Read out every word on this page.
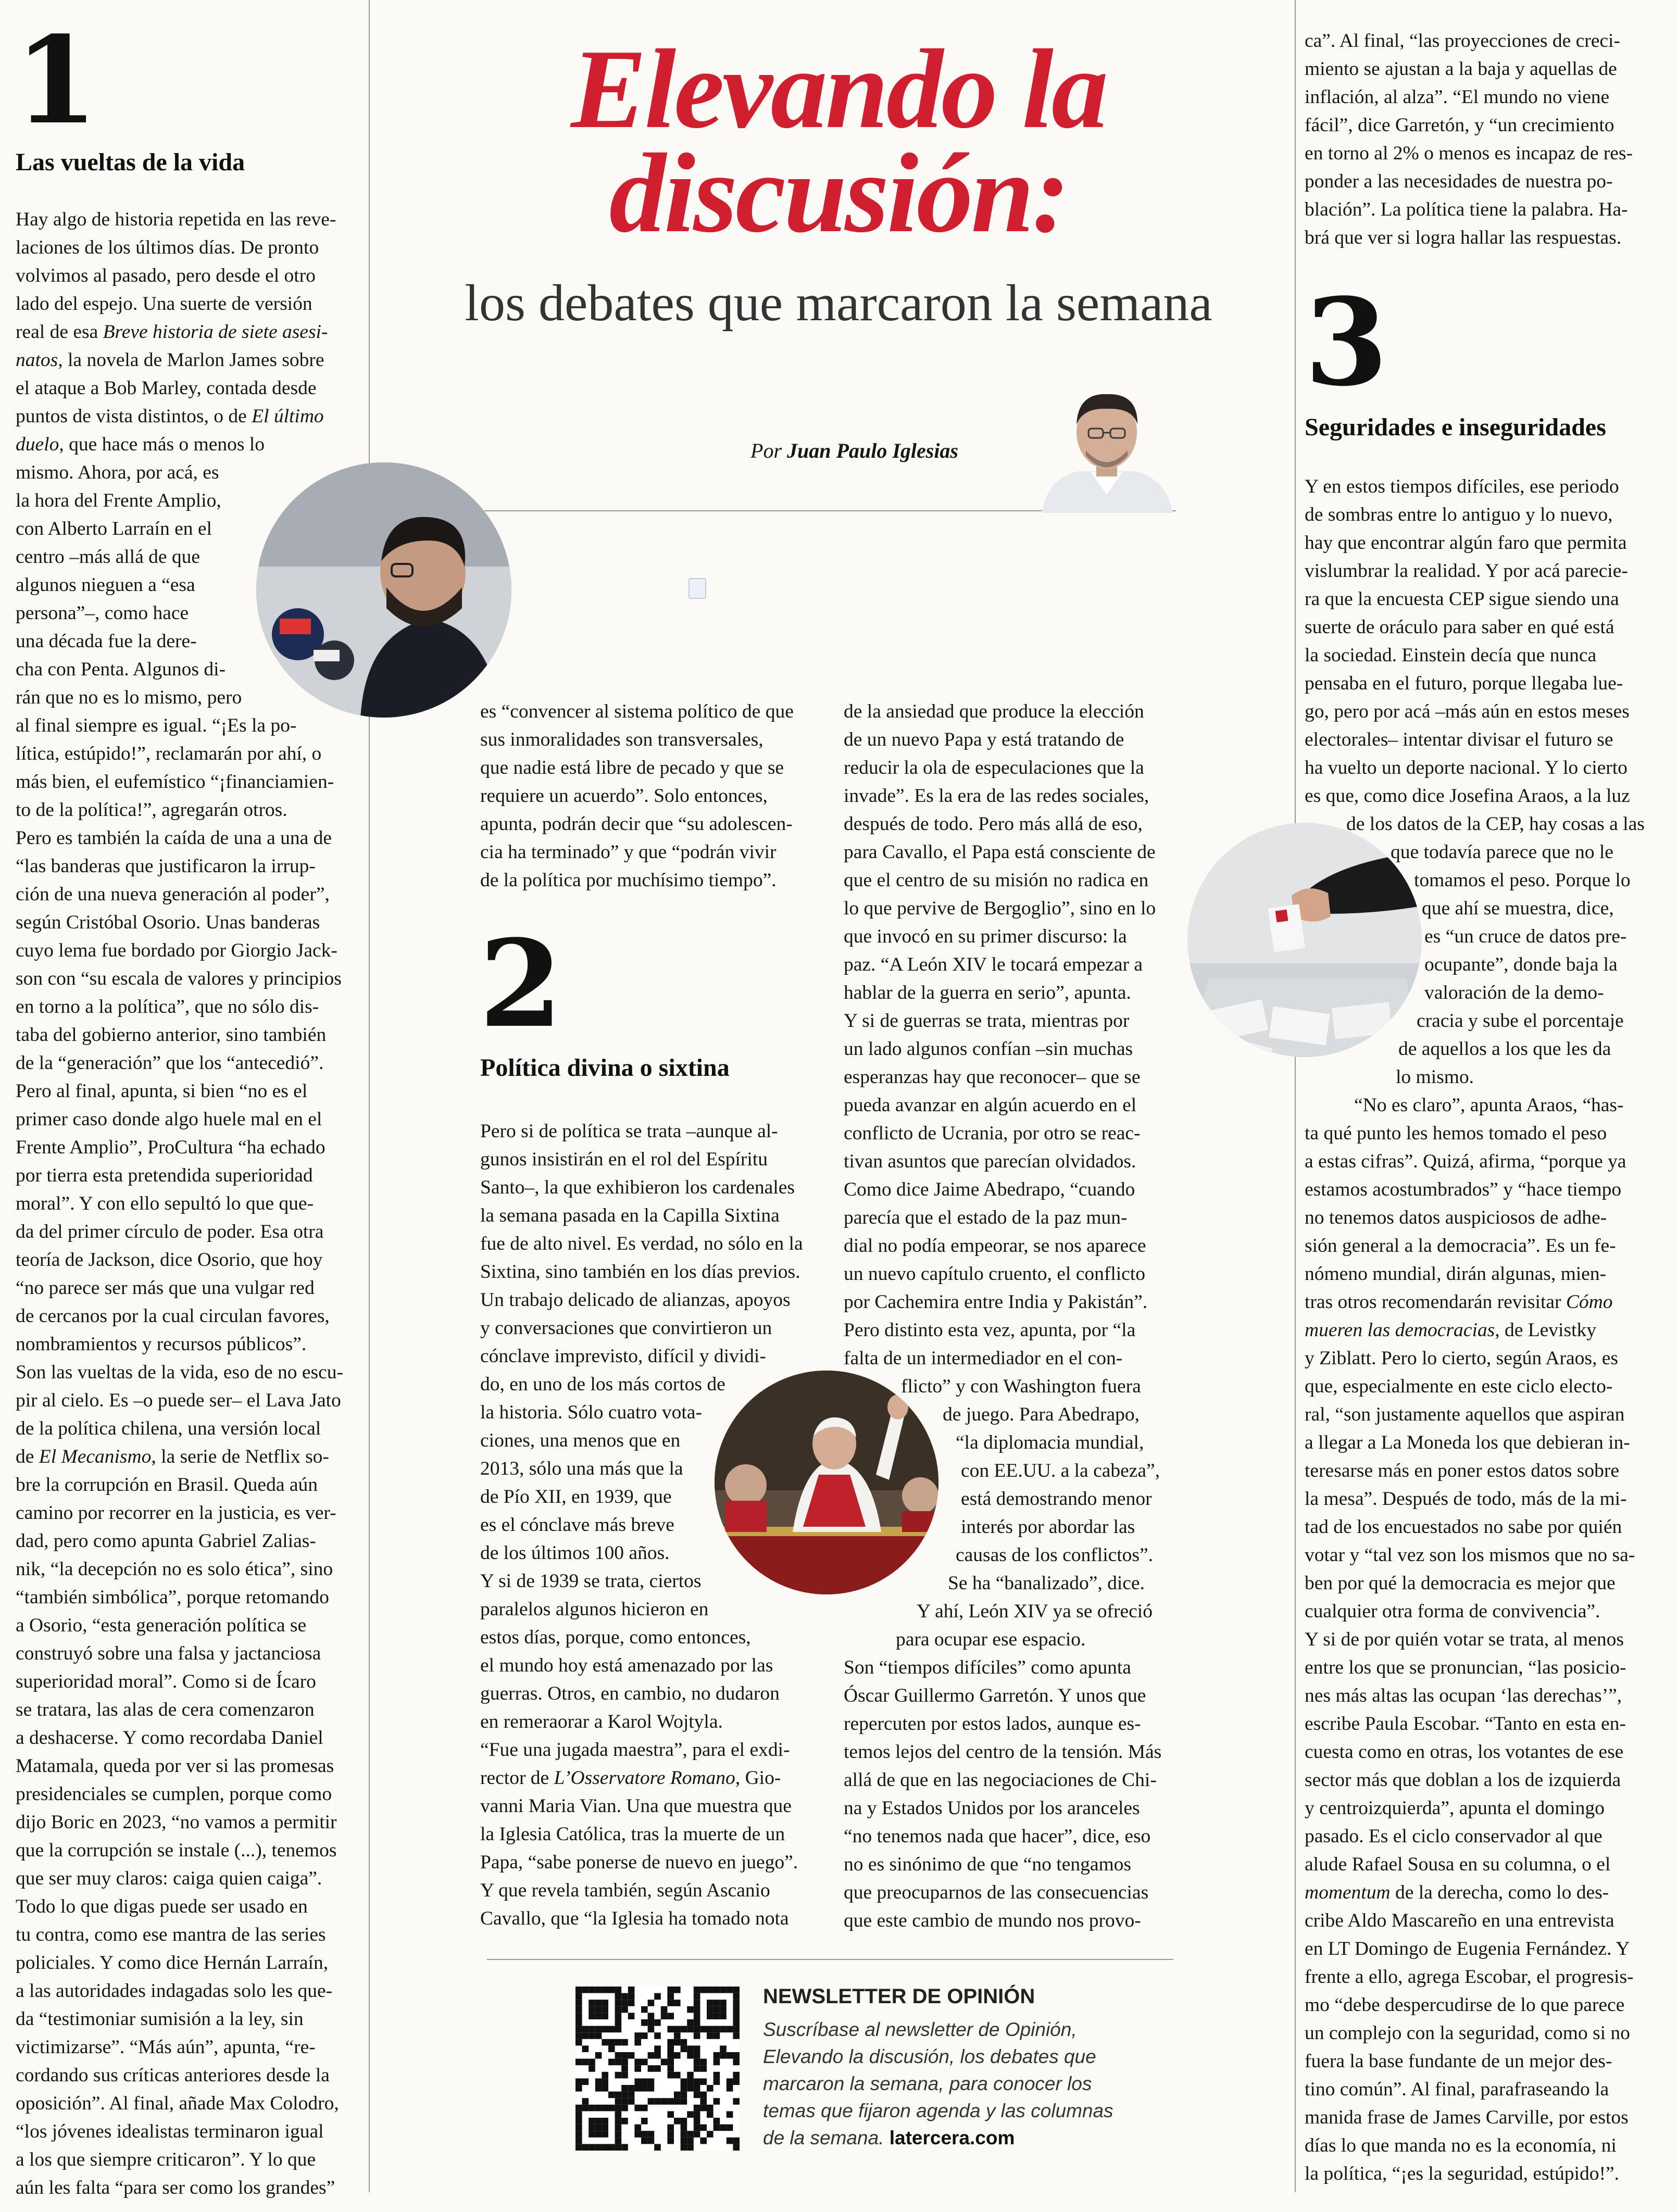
Elevando la
discusión:
los debates que marcaron la semana
Por Juan Paulo Iglesias
1
Las vueltas de la vida

Hay algo de historia repetida en las reve-

laciones de los últimos días. De pronto

volvimos al pasado, pero desde el otro

lado del espejo. Una suerte de versión

real de esa Breve historia de siete asesi-

natos, la novela de Marlon James sobre

el ataque a Bob Marley, contada desde

puntos de vista distintos, o de El último

duelo, que hace más o menos lo

mismo. Ahora, por acá, es

la hora del Frente Amplio,

con Alberto Larraín en el

centro –más allá de que

algunos nieguen a “esa

persona”–, como hace

una década fue la dere-

cha con Penta. Algunos di-

rán que no es lo mismo, pero

al final siempre es igual. “¡Es la po-

lítica, estúpido!”, reclamarán por ahí, o

más bien, el eufemístico “¡financiamien-

to de la política!”, agregarán otros.

Pero es también la caída de una a una de

“las banderas que justificaron la irrup-

ción de una nueva generación al poder”,

según Cristóbal Osorio. Unas banderas

cuyo lema fue bordado por Giorgio Jack-

son con “su escala de valores y principios

en torno a la política”, que no sólo dis-

taba del gobierno anterior, sino también

de la “generación” que los “antecedió”.

Pero al final, apunta, si bien “no es el

primer caso donde algo huele mal en el

Frente Amplio”, ProCultura “ha echado

por tierra esta pretendida superioridad

moral”. Y con ello sepultó lo que que-

da del primer círculo de poder. Esa otra

teoría de Jackson, dice Osorio, que hoy

“no parece ser más que una vulgar red

de cercanos por la cual circulan favores,

nombramientos y recursos públicos”.

Son las vueltas de la vida, eso de no escu-

pir al cielo. Es –o puede ser– el Lava Jato

de la política chilena, una versión local

de El Mecanismo, la serie de Netflix so-

bre la corrupción en Brasil. Queda aún

camino por recorrer en la justicia, es ver-

dad, pero como apunta Gabriel Zalias-

nik, “la decepción no es solo ética”, sino

“también simbólica”, porque retomando

a Osorio, “esta generación política se

construyó sobre una falsa y jactanciosa

superioridad moral”. Como si de Ícaro

se tratara, las alas de cera comenzaron

a deshacerse. Y como recordaba Daniel

Matamala, queda por ver si las promesas

presidenciales se cumplen, porque como

dijo Boric en 2023, “no vamos a permitir

que la corrupción se instale (...), tenemos

que ser muy claros: caiga quien caiga”.

Todo lo que digas puede ser usado en

tu contra, como ese mantra de las series

policiales. Y como dice Hernán Larraín,

a las autoridades indagadas solo les que-

da “testimoniar sumisión a la ley, sin

victimizarse”. “Más aún”, apunta, “re-

cordando sus críticas anteriores desde la

oposición”. Al final, añade Max Colodro,

“los jóvenes idealistas terminaron igual

a los que siempre criticaron”. Y lo que

aún les falta “para ser como los grandes”

es “convencer al sistema político de que

sus inmoralidades son transversales,

que nadie está libre de pecado y que se

requiere un acuerdo”. Solo entonces,

apunta, podrán decir que “su adolescen-

cia ha terminado” y que “podrán vivir

de la política por muchísimo tiempo”.

2
Política divina o sixtina

Pero si de política se trata –aunque al-

gunos insistirán en el rol del Espíritu

Santo–, la que exhibieron los cardenales

la semana pasada en la Capilla Sixtina

fue de alto nivel. Es verdad, no sólo en la

Sixtina, sino también en los días previos.

Un trabajo delicado de alianzas, apoyos

y conversaciones que convirtieron un

cónclave imprevisto, difícil y dividi-

do, en uno de los más cortos de

la historia. Sólo cuatro vota-

ciones, una menos que en

2013, sólo una más que la

de Pío XII, en 1939, que

es el cónclave más breve

de los últimos 100 años.

Y si de 1939 se trata, ciertos

paralelos algunos hicieron en

estos días, porque, como entonces,

el mundo hoy está amenazado por las

guerras. Otros, en cambio, no dudaron

en remeraorar a Karol Wojtyla.

“Fue una jugada maestra”, para el exdi-

rector de L’Osservatore Romano, Gio-

vanni Maria Vian. Una que muestra que

la Iglesia Católica, tras la muerte de un

Papa, “sabe ponerse de nuevo en juego”.

Y que revela también, según Ascanio

Cavallo, que “la Iglesia ha tomado nota

de la ansiedad que produce la elección

de un nuevo Papa y está tratando de

reducir la ola de especulaciones que la

invade”. Es la era de las redes sociales,

después de todo. Pero más allá de eso,

para Cavallo, el Papa está consciente de

que el centro de su misión no radica en

lo que pervive de Bergoglio”, sino en lo

que invocó en su primer discurso: la

paz. “A León XIV le tocará empezar a

hablar de la guerra en serio”, apunta.

Y si de guerras se trata, mientras por

un lado algunos confían –sin muchas

esperanzas hay que reconocer– que se

pueda avanzar en algún acuerdo en el

conflicto de Ucrania, por otro se reac-

tivan asuntos que parecían olvidados.

Como dice Jaime Abedrapo, “cuando

parecía que el estado de la paz mun-

dial no podía empeorar, se nos aparece

un nuevo capítulo cruento, el conflicto

por Cachemira entre India y Pakistán”.

Pero distinto esta vez, apunta, por “la

falta de un intermediador en el con-

flicto” y con Washington fuera

de juego. Para Abedrapo,

“la diplomacia mundial,

con EE.UU. a la cabeza”,

está demostrando menor

interés por abordar las

causas de los conflictos”.

Se ha “banalizado”, dice.

Y ahí, León XIV ya se ofreció

para ocupar ese espacio.

Son “tiempos difíciles” como apunta

Óscar Guillermo Garretón. Y unos que

repercuten por estos lados, aunque es-

temos lejos del centro de la tensión. Más

allá de que en las negociaciones de Chi-

na y Estados Unidos por los aranceles

“no tenemos nada que hacer”, dice, eso

no es sinónimo de que “no tengamos

que preocuparnos de las consecuencias

que este cambio de mundo nos provo-

ca”. Al final, “las proyecciones de creci-

miento se ajustan a la baja y aquellas de

inflación, al alza”. “El mundo no viene

fácil”, dice Garretón, y “un crecimiento

en torno al 2% o menos es incapaz de res-

ponder a las necesidades de nuestra po-

blación”. La política tiene la palabra. Ha-

brá que ver si logra hallar las respuestas.

3
Seguridades e inseguridades

Y en estos tiempos difíciles, ese periodo

de sombras entre lo antiguo y lo nuevo,

hay que encontrar algún faro que permita

vislumbrar la realidad. Y por acá parecie-

ra que la encuesta CEP sigue siendo una

suerte de oráculo para saber en qué está

la sociedad. Einstein decía que nunca

pensaba en el futuro, porque llegaba lue-

go, pero por acá –más aún en estos meses

electorales– intentar divisar el futuro se

ha vuelto un deporte nacional. Y lo cierto

es que, como dice Josefina Araos, a la luz

de los datos de la CEP, hay cosas a las

que todavía parece que no le

tomamos el peso. Porque lo

que ahí se muestra, dice,

es “un cruce de datos pre-

ocupante”, donde baja la

valoración de la demo-

cracia y sube el porcentaje

de aquellos a los que les da

lo mismo.

“No es claro”, apunta Araos, “has-

ta qué punto les hemos tomado el peso

a estas cifras”. Quizá, afirma, “porque ya

estamos acostumbrados” y “hace tiempo

no tenemos datos auspiciosos de adhe-

sión general a la democracia”. Es un fe-

nómeno mundial, dirán algunas, mien-

tras otros recomendarán revisitar Cómo

mueren las democracias, de Levistky

y Ziblatt. Pero lo cierto, según Araos, es

que, especialmente en este ciclo electo-

ral, “son justamente aquellos que aspiran

a llegar a La Moneda los que debieran in-

teresarse más en poner estos datos sobre

la mesa”. Después de todo, más de la mi-

tad de los encuestados no sabe por quién

votar y “tal vez son los mismos que no sa-

ben por qué la democracia es mejor que

cualquier otra forma de convivencia”.

Y si de por quién votar se trata, al menos

entre los que se pronuncian, “las posicio-

nes más altas las ocupan ‘las derechas’”,

escribe Paula Escobar. “Tanto en esta en-

cuesta como en otras, los votantes de ese

sector más que doblan a los de izquierda

y centroizquierda”, apunta el domingo

pasado. Es el ciclo conservador al que

alude Rafael Sousa en su columna, o el

momentum de la derecha, como lo des-

cribe Aldo Mascareño en una entrevista

en LT Domingo de Eugenia Fernández. Y

frente a ello, agrega Escobar, el progresis-

mo “debe despercudirse de lo que parece

un complejo con la seguridad, como si no

fuera la base fundante de un mejor des-

tino común”. Al final, parafraseando la

manida frase de James Carville, por estos

días lo que manda no es la economía, ni

la política, “¡es la seguridad, estúpido!”.

NEWSLETTER DE OPINIÓN
Suscríbase al newsletter de Opinión, Elevando la discusión, los debates que marcaron la semana, para conocer los temas que fijaron agenda y las columnas de la semana. latercera.com
